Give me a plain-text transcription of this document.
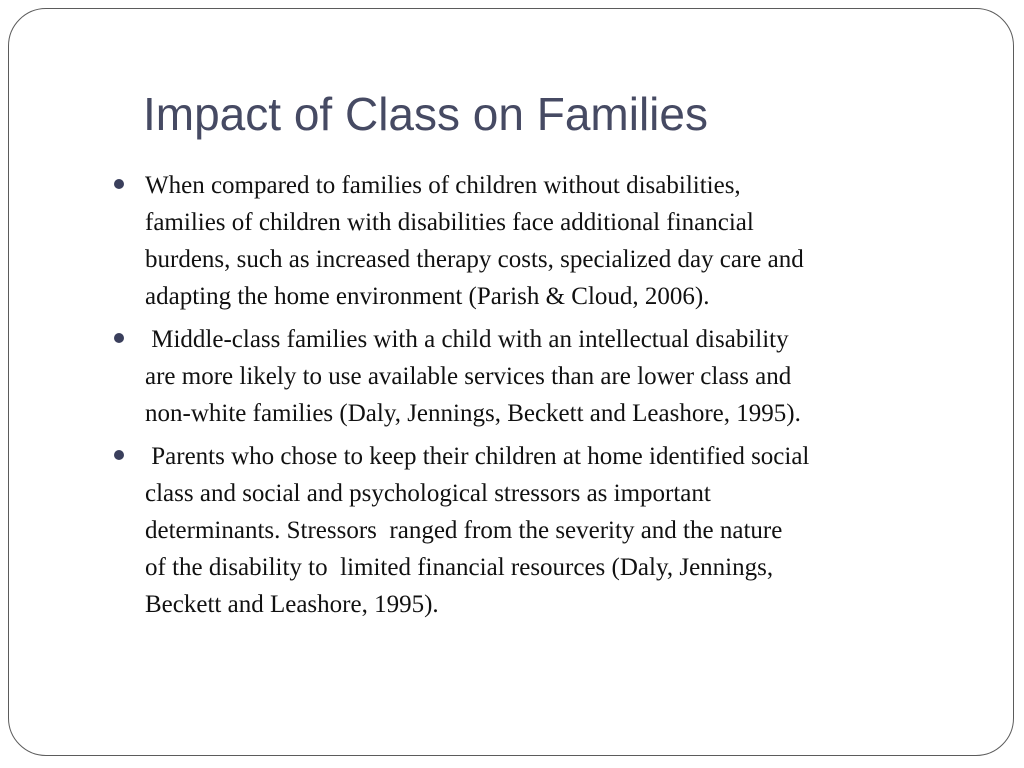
Impact of Class on Families
When compared to families of children without disabilities,
families of children with disabilities face additional financial
burdens, such as increased therapy costs, specialized day care and
adapting the home environment (Parish & Cloud, 2006).
Middle-class families with a child with an intellectual disability
are more likely to use available services than are lower class and
non-white families (Daly, Jennings, Beckett and Leashore, 1995).
Parents who chose to keep their children at home identified social
class and social and psychological stressors as important
determinants. Stressors  ranged from the severity and the nature
of the disability to  limited financial resources (Daly, Jennings,
Beckett and Leashore, 1995).
